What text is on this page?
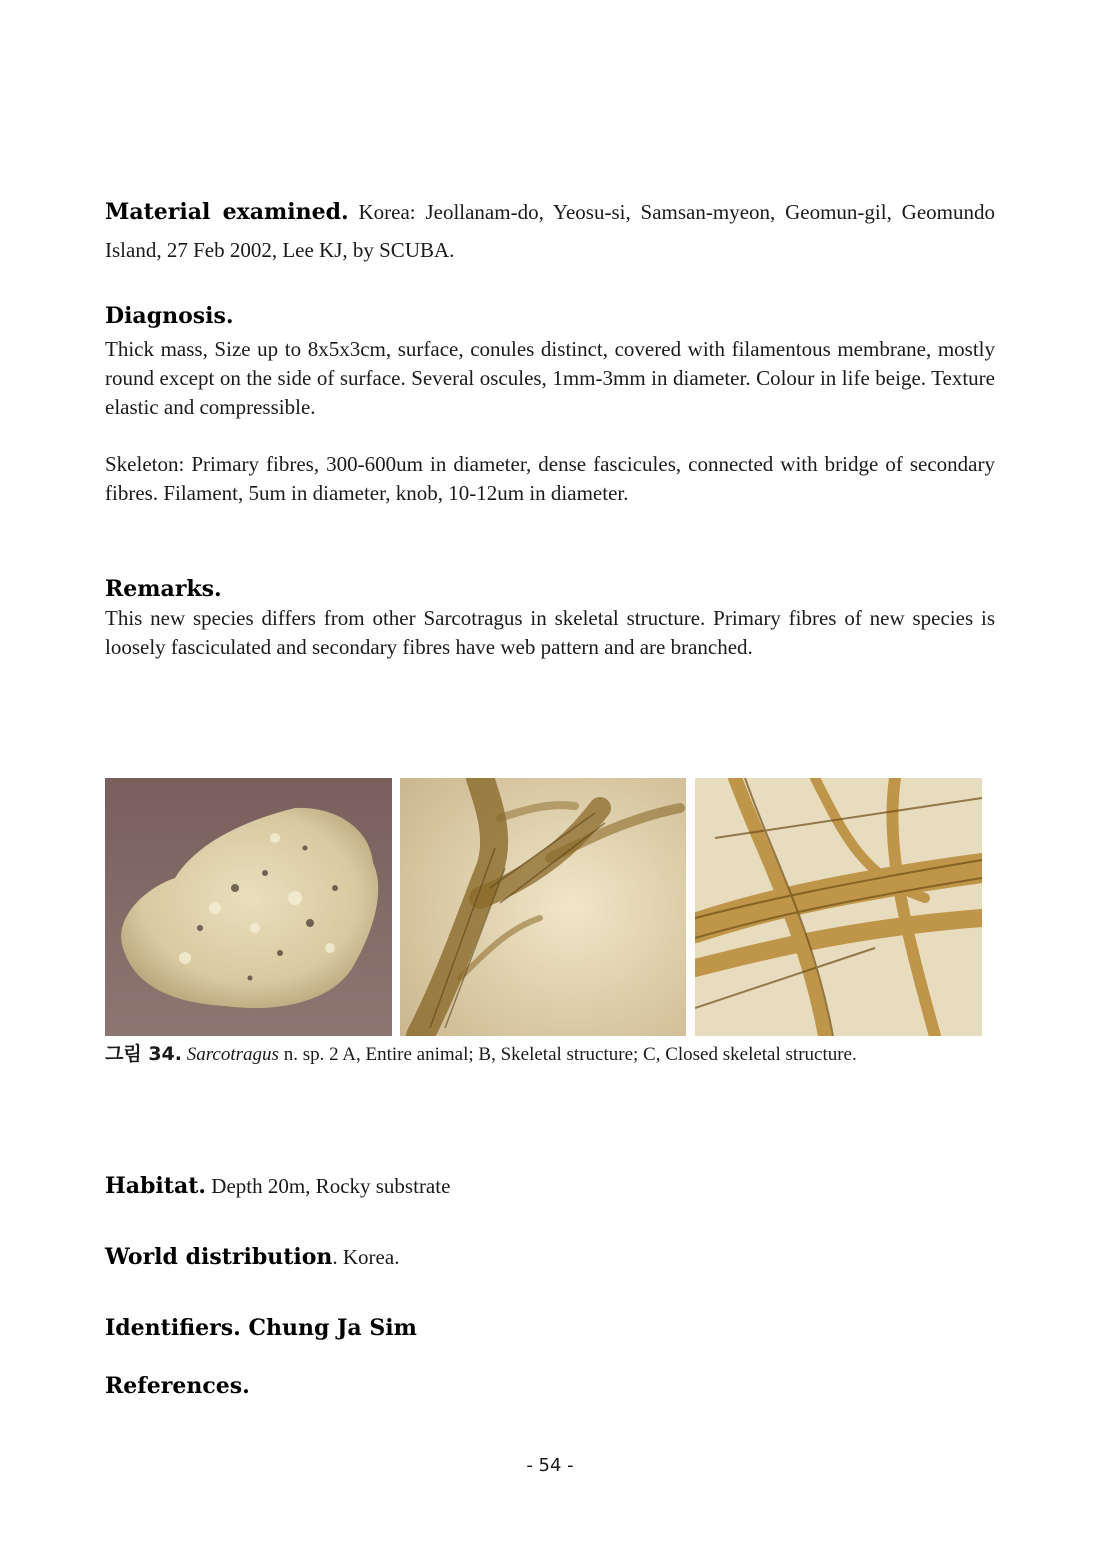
Material examined. Korea: Jeollanam-do, Yeosu-si, Samsan-myeon, Geomun-gil, Geomundo Island, 27 Feb 2002, Lee KJ, by SCUBA.

Diagnosis.

Thick mass, Size up to 8x5x3cm, surface, conules distinct, covered with filamentous membrane, mostly round except on the side of surface. Several oscules, 1mm-3mm in diameter. Colour in life beige. Texture elastic and compressible.

Skeleton: Primary fibres, 300-600um in diameter, dense fascicules, connected with bridge of secondary fibres. Filament, 5um in diameter, knob, 10-12um in diameter.

Remarks.

This new species differs from other Sarcotragus in skeletal structure. Primary fibres of new species is loosely fasciculated and secondary fibres have web pattern and are branched.

그림 34. Sarcotragus n. sp. 2 A, Entire animal; B, Skeletal structure; C, Closed skeletal structure.

Habitat. Depth 20m, Rocky substrate

World distribution. Korea.

Identifiers. Chung Ja Sim

References.

- 54 -
